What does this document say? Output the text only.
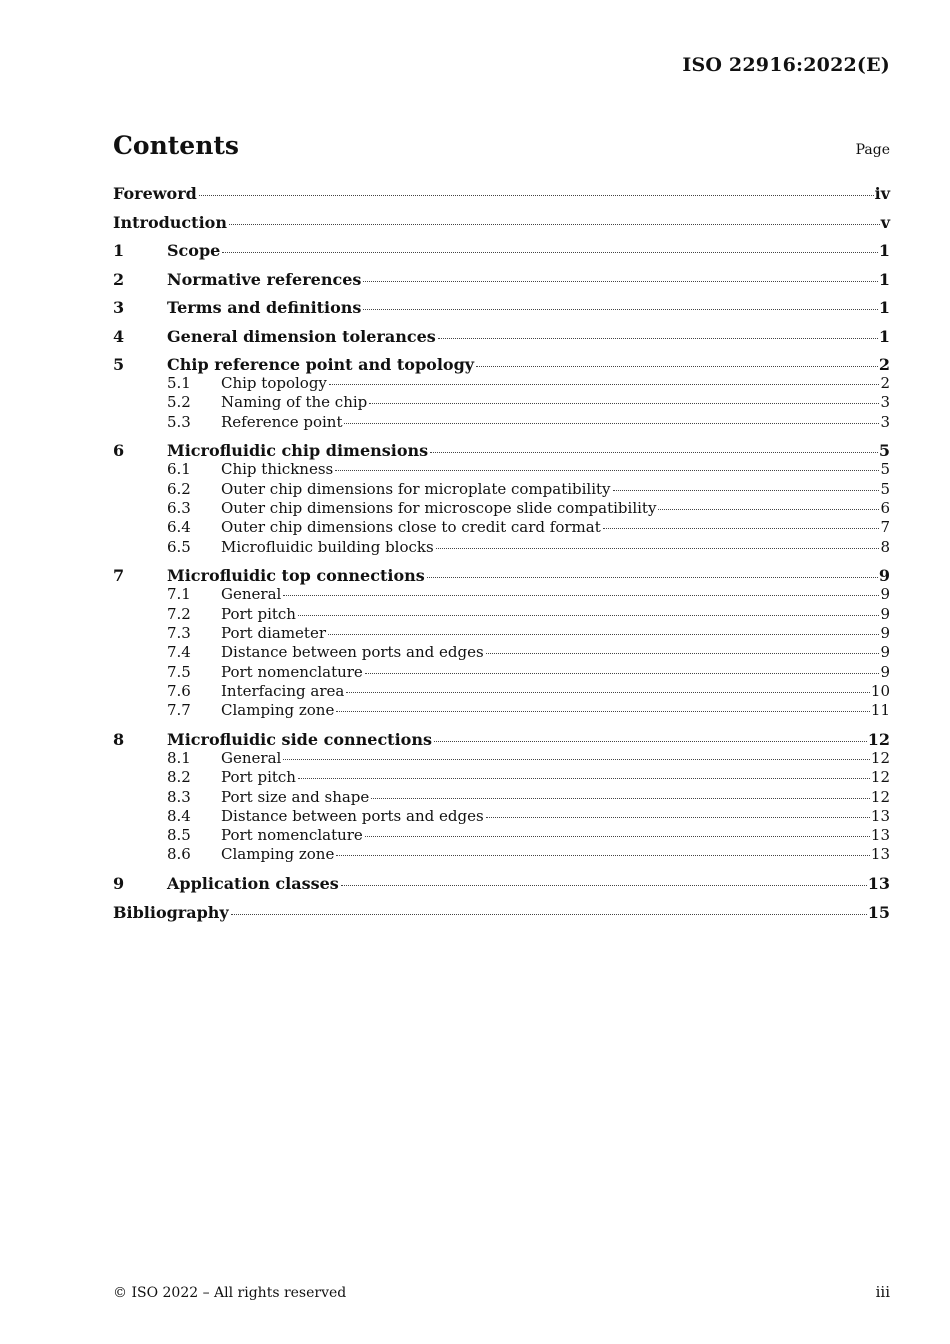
ISO 22916:2022(E)
Contents	Page
Foreword	iv
Introduction	v
1	Scope	1
2	Normative references	1
3	Terms and definitions	1
4	General dimension tolerances	1
5	Chip reference point and topology	2
5.1	Chip topology	2
5.2	Naming of the chip	3
5.3	Reference point	3
6	Microfluidic chip dimensions	5
6.1	Chip thickness	5
6.2	Outer chip dimensions for microplate compatibility	5
6.3	Outer chip dimensions for microscope slide compatibility	6
6.4	Outer chip dimensions close to credit card format	7
6.5	Microfluidic building blocks	8
7	Microfluidic top connections	9
7.1	General	9
7.2	Port pitch	9
7.3	Port diameter	9
7.4	Distance between ports and edges	9
7.5	Port nomenclature	9
7.6	Interfacing area	10
7.7	Clamping zone	11
8	Microfluidic side connections	12
8.1	General	12
8.2	Port pitch	12
8.3	Port size and shape	12
8.4	Distance between ports and edges	13
8.5	Port nomenclature	13
8.6	Clamping zone	13
9	Application classes	13
Bibliography	15
© ISO 2022 – All rights reserved	iii
